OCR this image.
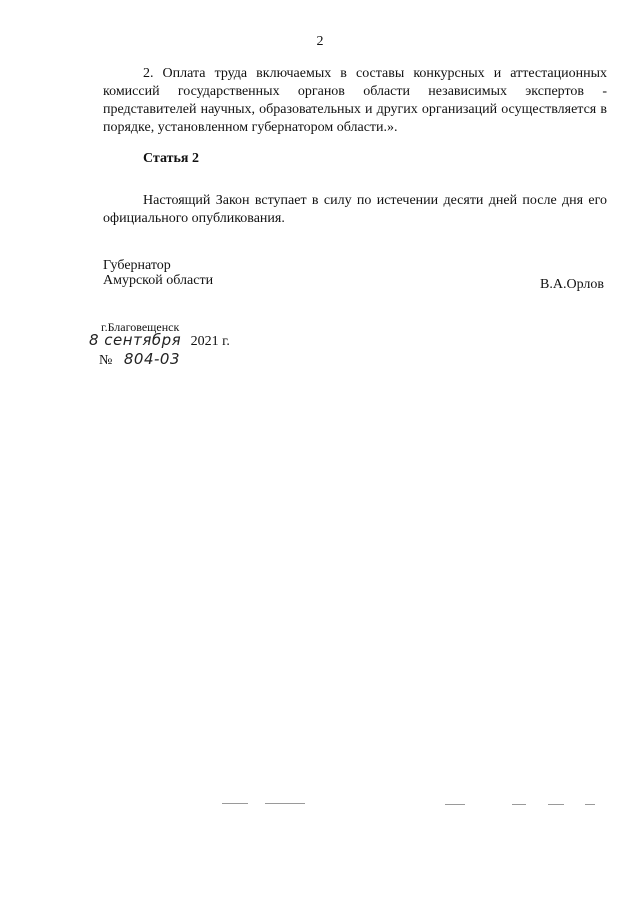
2

2. Оплата труда включаемых в составы конкурсных и аттестационных комиссий государственных органов области независимых экспертов - представителей научных, образовательных и других организаций осуществляется в порядке, установленном губернатором области.».

Статья 2

Настоящий Закон вступает в силу по истечении десяти дней после дня его официального опубликования.

Губернатор
Амурской области	В.А.Орлов
г.Благовещенск
8 сентября 2021 г.
№ 804-03
